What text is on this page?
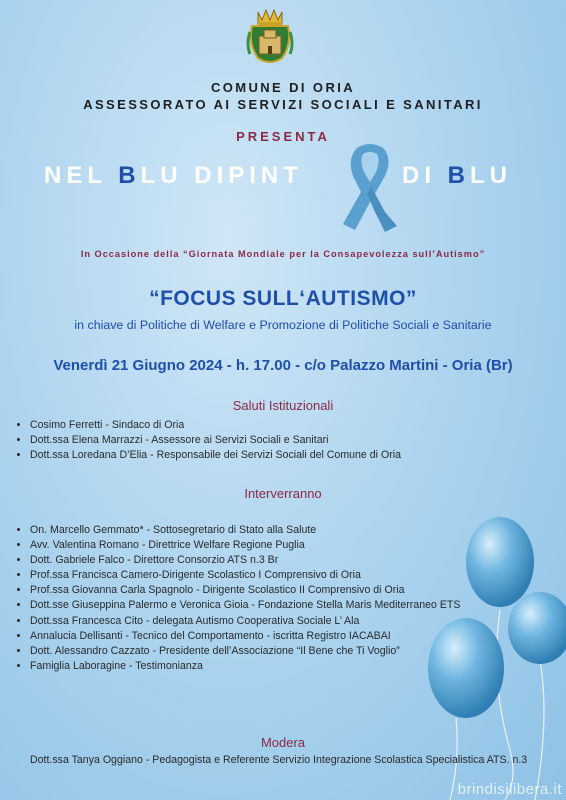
COMUNE DI ORIA
ASSESSORATO AI SERVIZI SOCIALI E SANITARI
PRESENTA
NEL BLU DIPINT	DI BLU
In Occasione della “Giornata Mondiale per la Consapevolezza sull’Autismo”
“FOCUS SULL‘AUTISMO”
in chiave di Politiche di Welfare e Promozione di Politiche Sociali e Sanitarie
Venerdì 21 Giugno 2024 - h. 17.00 - c/o Palazzo Martini - Oria (Br)
Saluti Istituzionali
• Cosimo Ferretti - Sindaco di Oria
• Dott.ssa Elena Marrazzi - Assessore ai Servizi Sociali e Sanitari
• Dott.ssa Loredana D’Elia - Responsabile dei Servizi Sociali del Comune di Oria
Interverranno
• On. Marcello Gemmato* - Sottosegretario di Stato alla Salute
• Avv. Valentina Romano - Direttrice Welfare Regione Puglia
• Dott. Gabriele Falco - Direttore Consorzio ATS n.3 Br
• Prof.ssa Francisca Camero-Dirigente Scolastico I Comprensivo di Oria
• Prof.ssa Giovanna Carla Spagnolo - Dirigente Scolastico II Comprensivo di Oria
• Dott.sse Giuseppina Palermo e Veronica Gioia - Fondazione Stella Maris Mediterraneo ETS
• Dott.ssa Francesca Cito - delegata Autismo Cooperativa Sociale L’ Ala
• Annalucia Dellisanti - Tecnico del Comportamento - iscritta Registro IACABAI
• Dott. Alessandro Cazzato - Presidente dell’Associazione “Il Bene che Ti Voglio”
• Famiglia Laboragine - Testimonianza
Modera
Dott.ssa Tanya Oggiano - Pedagogista e Referente Servizio Integrazione Scolastica Specialistica ATS. n.3
brindisilibera.it
